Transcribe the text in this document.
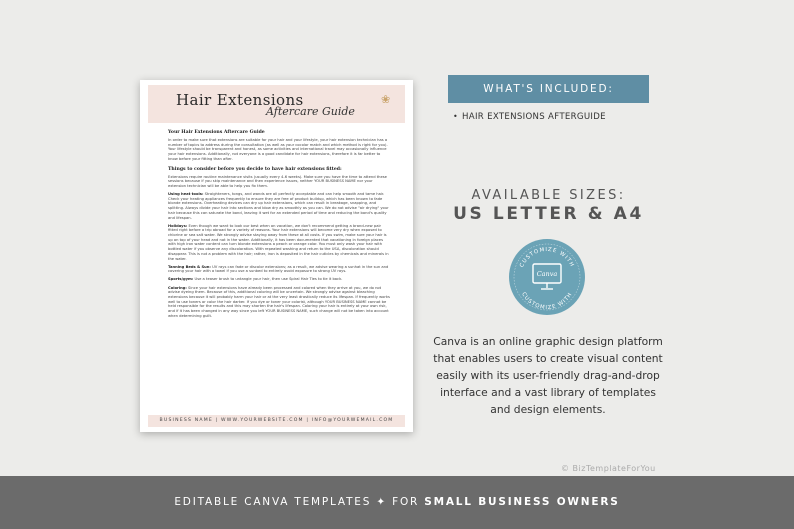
Hair Extensions
Aftercare Guide
❀
Your Hair Extensions Aftercare Guide

In order to make sure that extensions are suitable for your hair and your lifestyle, your hair extension technician has a number of topics to address during the consultation (as well as your cocolor match and which method is right for you). Your lifestyle should be transparent and honest, as some activities and international travel may occasionally influence your hair extensions. Additionally, not everyone is a good candidate for hair extensions, therefore it is far better to know before your fitting than after.

Things to consider before you decide to have hair extensions fitted:

Extensions require routine maintenance visits (usually every 4-6 weeks). Make sure you have the time to attend these sessions because if you skip maintenance and then experience issues, neither YOUR BUSINESS NAME nor your extension technician will be able to help you fix them.

Using heat tools: Straighteners, tongs, and wands are all perfectly acceptable and can help smooth and tame hair. Check your heating appliances frequently to ensure they are free of product buildup, which has been known to fade blonde extensions. Overheating devices can dry up hair extensions, which can result in breakage, snapping, and splitting. Always divide your hair into sections and blow dry as smoothly as you can. We do not advise "air drying" your hair because this can saturate the bond, leaving it wet for an extended period of time and reducing the bond's quality and lifespan.

Holidays: Even though we want to look our best when on vacation, we don't recommend getting a brand-new pair fitted right before a trip abroad for a variety of reasons. Your hair extensions will become very dry when exposed to chlorine or sea salt water. We strongly advise staying away from these at all costs. If you swim, make sure your hair is up on top of your head and not in the water. Additionally, it has been documented that vacationing in foreign places with high iron water content can turn blonde extensions a peach or orange color. You must only wash your hair with bottled water if you observe any discoloration. With repeated washing and return to the USA, discoloration should disappear. This is not a problem with the hair; rather, iron is deposited in the hair cuticles by chemicals and minerals in the water.

Tanning Beds & Sun: UV rays can fade or discolor extensions; as a result, we advise wearing a sunhat in the sun and covering your hair with a towel if you use a sunbed to entirely avoid exposure to strong UV rays.

Sports/gym: Use a teaser brush to untangle your hair, then use Spiral Hair Ties to tie it back.

Coloring: Since your hair extensions have already been processed and colored when they arrive at you, we do not advise dyeing them. Because of this, additional coloring will be uncertain. We strongly advise against bleaching extensions because it will probably harm your hair or at the very least drastically reduce its lifespan. If frequently works well to use toners or color the hair darker. If you dye or toner your colorist, although YOUR BUSINESS NAME cannot be held responsible for the results and this may shorten the hair's lifespan. Coloring your hair is entirely at your own risk, and if it has been changed in any way since you left YOUR BUSINESS NAME, such change will not be taken into account when determining guilt.

BUSINESS NAME | WWW.YOURWEBSITE.COM | INFO@YOURWEMAIL.COM
WHAT'S INCLUDED:
• HAIR EXTENSIONS AFTERGUIDE
AVAILABLE SIZES:
US LETTER & A4
CUSTOMIZE WITH
CUSTOMIZE WITH
Canva
Canva is an online graphic design platform that enables users to create visual content easily with its user-friendly drag-and-drop interface and a vast library of templates and design elements.
© BizTemplateForYou
EDITABLE CANVA TEMPLATES ✦ FOR SMALL BUSINESS OWNERS
